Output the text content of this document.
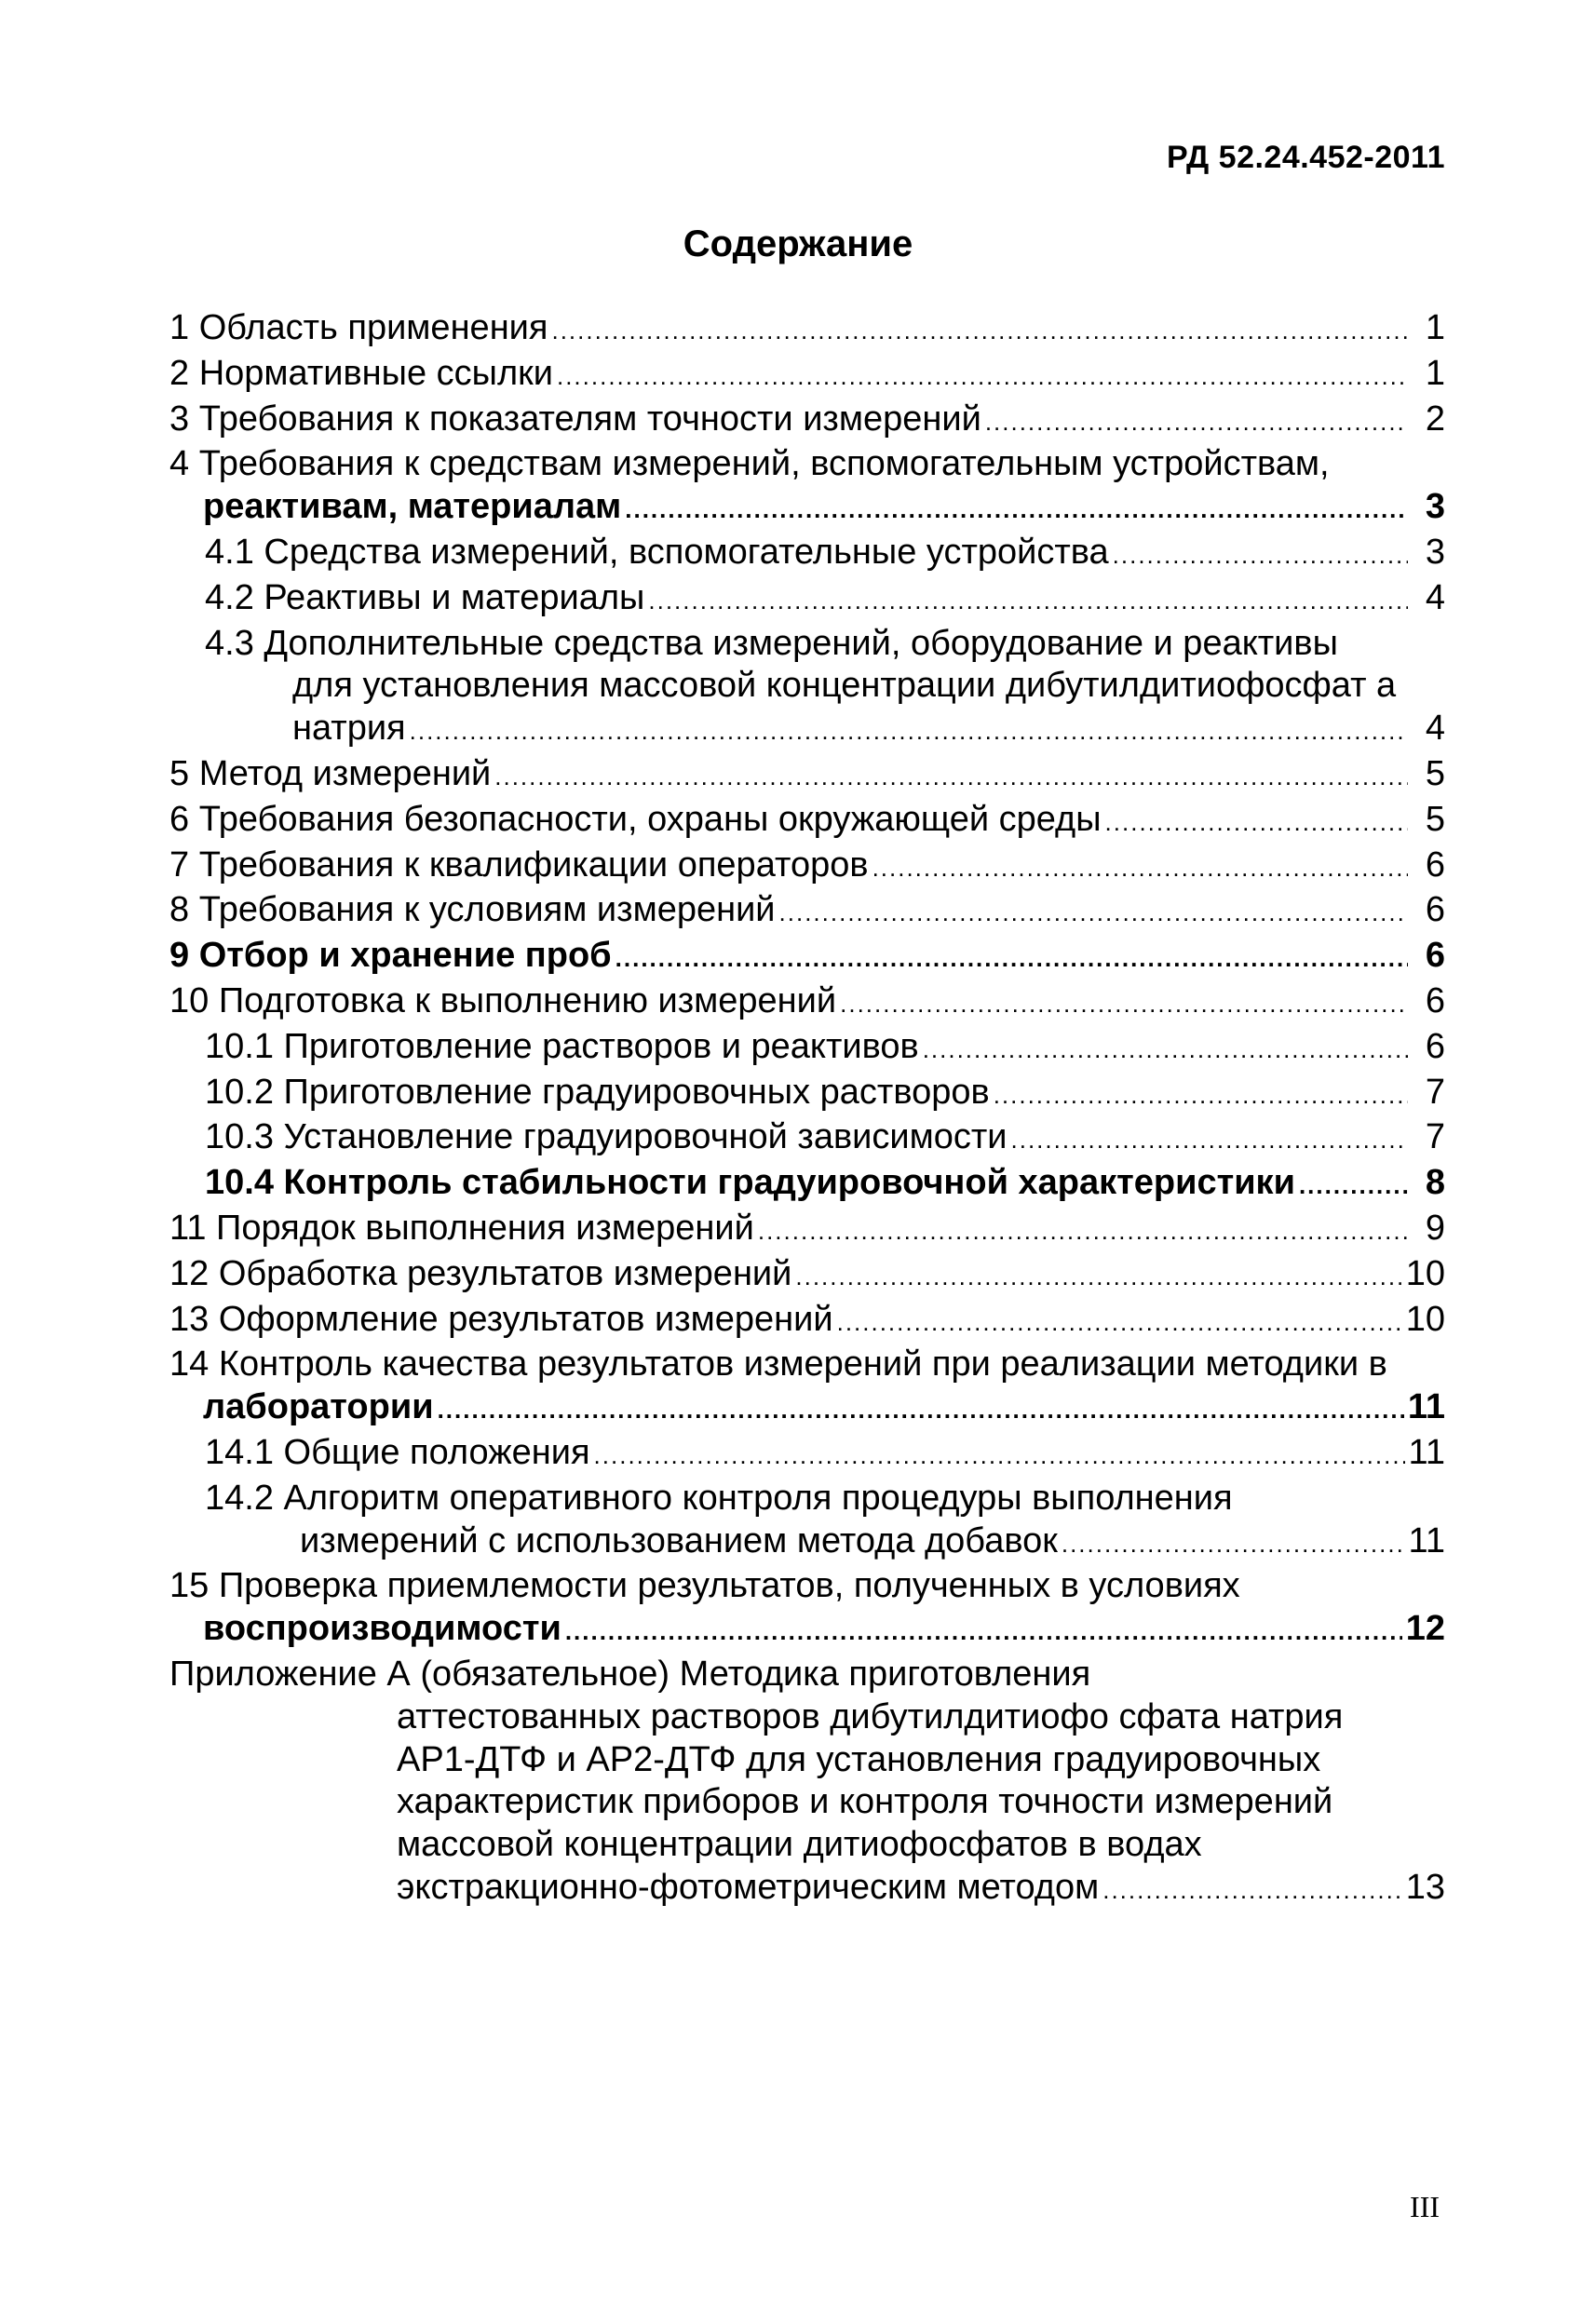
РД 52.24.452-2011
Содержание
1 Область применения .....	1
2 Нормативные ссылки .....	1
3 Требования к показателям точности измерений .....	2
4 Требования к средствам измерений, вспомогательным устройствам,
реактивам, материалам .....	3
4.1 Средства измерений, вспомогательные устройства .....	3
4.2 Реактивы и материалы .....	4
4.3 Дополнительные средства измерений, оборудование и реактивы
для установления массовой концентрации дибутилдитиофосфат а
натрия .....	4
5 Метод измерений .....	5
6 Требования безопасности, охраны окружающей среды .....	5
7 Требования к квалификации операторов .....	6
8 Требования к условиям измерений .....	6
9 Отбор и хранение проб .....	6
10 Подготовка к выполнению измерений .....	6
10.1 Приготовление растворов и реактивов .....	6
10.2 Приготовление градуировочных растворов .....	7
10.3 Установление градуировочной зависимости .....	7
10.4 Контроль стабильности градуировочной характеристики .....	8
11 Порядок выполнения измерений .....	9
12 Обработка результатов измерений .....	10
13 Оформление результатов измерений .....	10
14 Контроль качества результатов измерений при реализации методики в
лаборатории .....	11
14.1 Общие положения .....	11
14.2 Алгоритм оперативного контроля процедуры выполнения
измерений с использованием метода добавок .....	11
15 Проверка приемлемости результатов, полученных в условиях
воспроизводимости .....	12
Приложение А (обязательное) Методика приготовления
аттестованных растворов дибутилдитиофо сфата натрия
АР1-ДТФ и АР2-ДТФ для установления градуировочных
характеристик приборов и контроля точности измерений
массовой концентрации дитиофосфатов в водах
экстракционно-фотометрическим методом .....	13
III
